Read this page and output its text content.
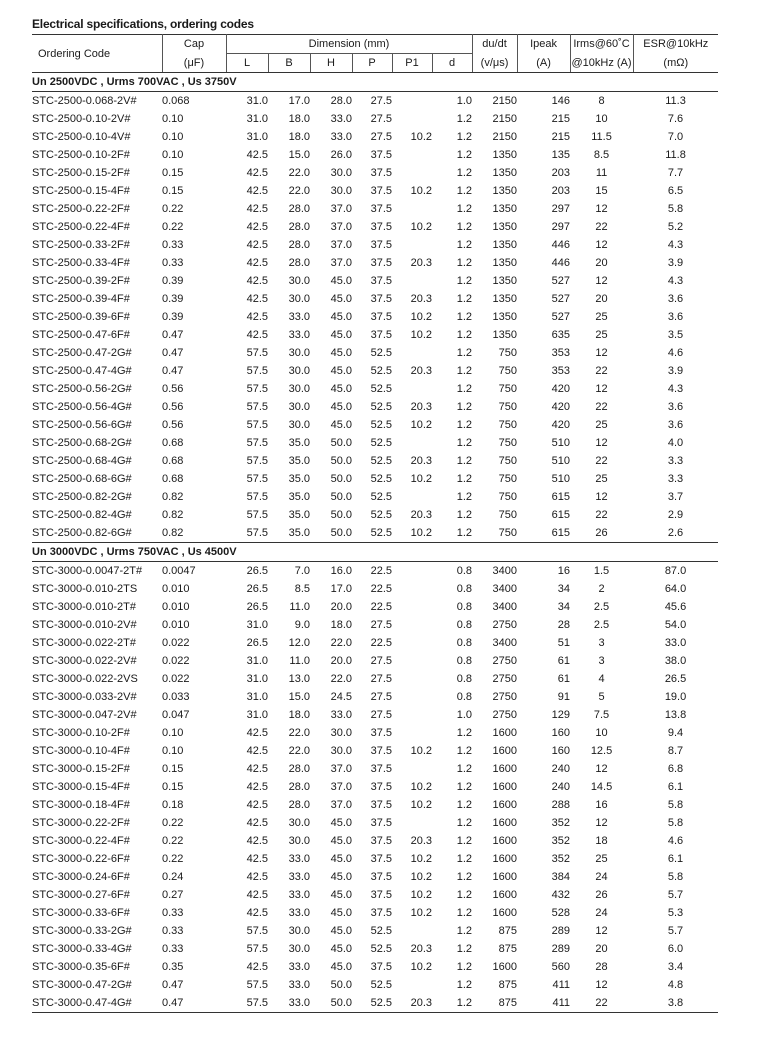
Electrical specifications, ordering codes
Ordering Code	Cap	Dimension (mm)						du/dt	Ipeak	Irms@60˚C	ESR@10kHz
	(μF)	L	B	H	P	P1	d	(v/μs)	(A)	@10kHz (A)	(mΩ)
Un 2500VDC , Urms 700VAC , Us 3750V											
STC-2500-0.068-2V#	0.068	31.0	17.0	28.0	27.5		1.0	2150	146	8	11.3
STC-2500-0.10-2V#	0.10	31.0	18.0	33.0	27.5		1.2	2150	215	10	7.6
STC-2500-0.10-4V#	0.10	31.0	18.0	33.0	27.5	10.2	1.2	2150	215	11.5	7.0
STC-2500-0.10-2F#	0.10	42.5	15.0	26.0	37.5		1.2	1350	135	8.5	11.8
STC-2500-0.15-2F#	0.15	42.5	22.0	30.0	37.5		1.2	1350	203	11	7.7
STC-2500-0.15-4F#	0.15	42.5	22.0	30.0	37.5	10.2	1.2	1350	203	15	6.5
STC-2500-0.22-2F#	0.22	42.5	28.0	37.0	37.5		1.2	1350	297	12	5.8
STC-2500-0.22-4F#	0.22	42.5	28.0	37.0	37.5	10.2	1.2	1350	297	22	5.2
STC-2500-0.33-2F#	0.33	42.5	28.0	37.0	37.5		1.2	1350	446	12	4.3
STC-2500-0.33-4F#	0.33	42.5	28.0	37.0	37.5	20.3	1.2	1350	446	20	3.9
STC-2500-0.39-2F#	0.39	42.5	30.0	45.0	37.5		1.2	1350	527	12	4.3
STC-2500-0.39-4F#	0.39	42.5	30.0	45.0	37.5	20.3	1.2	1350	527	20	3.6
STC-2500-0.39-6F#	0.39	42.5	33.0	45.0	37.5	10.2	1.2	1350	527	25	3.6
STC-2500-0.47-6F#	0.47	42.5	33.0	45.0	37.5	10.2	1.2	1350	635	25	3.5
STC-2500-0.47-2G#	0.47	57.5	30.0	45.0	52.5		1.2	750	353	12	4.6
STC-2500-0.47-4G#	0.47	57.5	30.0	45.0	52.5	20.3	1.2	750	353	22	3.9
STC-2500-0.56-2G#	0.56	57.5	30.0	45.0	52.5		1.2	750	420	12	4.3
STC-2500-0.56-4G#	0.56	57.5	30.0	45.0	52.5	20.3	1.2	750	420	22	3.6
STC-2500-0.56-6G#	0.56	57.5	30.0	45.0	52.5	10.2	1.2	750	420	25	3.6
STC-2500-0.68-2G#	0.68	57.5	35.0	50.0	52.5		1.2	750	510	12	4.0
STC-2500-0.68-4G#	0.68	57.5	35.0	50.0	52.5	20.3	1.2	750	510	22	3.3
STC-2500-0.68-6G#	0.68	57.5	35.0	50.0	52.5	10.2	1.2	750	510	25	3.3
STC-2500-0.82-2G#	0.82	57.5	35.0	50.0	52.5		1.2	750	615	12	3.7
STC-2500-0.82-4G#	0.82	57.5	35.0	50.0	52.5	20.3	1.2	750	615	22	2.9
STC-2500-0.82-6G#	0.82	57.5	35.0	50.0	52.5	10.2	1.2	750	615	26	2.6
Un 3000VDC , Urms 750VAC , Us 4500V											
STC-3000-0.0047-2T#	0.0047	26.5	7.0	16.0	22.5		0.8	3400	16	1.5	87.0
STC-3000-0.010-2TS	0.010	26.5	8.5	17.0	22.5		0.8	3400	34	2	64.0
STC-3000-0.010-2T#	0.010	26.5	11.0	20.0	22.5		0.8	3400	34	2.5	45.6
STC-3000-0.010-2V#	0.010	31.0	9.0	18.0	27.5		0.8	2750	28	2.5	54.0
STC-3000-0.022-2T#	0.022	26.5	12.0	22.0	22.5		0.8	3400	51	3	33.0
STC-3000-0.022-2V#	0.022	31.0	11.0	20.0	27.5		0.8	2750	61	3	38.0
STC-3000-0.022-2VS	0.022	31.0	13.0	22.0	27.5		0.8	2750	61	4	26.5
STC-3000-0.033-2V#	0.033	31.0	15.0	24.5	27.5		0.8	2750	91	5	19.0
STC-3000-0.047-2V#	0.047	31.0	18.0	33.0	27.5		1.0	2750	129	7.5	13.8
STC-3000-0.10-2F#	0.10	42.5	22.0	30.0	37.5		1.2	1600	160	10	9.4
STC-3000-0.10-4F#	0.10	42.5	22.0	30.0	37.5	10.2	1.2	1600	160	12.5	8.7
STC-3000-0.15-2F#	0.15	42.5	28.0	37.0	37.5		1.2	1600	240	12	6.8
STC-3000-0.15-4F#	0.15	42.5	28.0	37.0	37.5	10.2	1.2	1600	240	14.5	6.1
STC-3000-0.18-4F#	0.18	42.5	28.0	37.0	37.5	10.2	1.2	1600	288	16	5.8
STC-3000-0.22-2F#	0.22	42.5	30.0	45.0	37.5		1.2	1600	352	12	5.8
STC-3000-0.22-4F#	0.22	42.5	30.0	45.0	37.5	20.3	1.2	1600	352	18	4.6
STC-3000-0.22-6F#	0.22	42.5	33.0	45.0	37.5	10.2	1.2	1600	352	25	6.1
STC-3000-0.24-6F#	0.24	42.5	33.0	45.0	37.5	10.2	1.2	1600	384	24	5.8
STC-3000-0.27-6F#	0.27	42.5	33.0	45.0	37.5	10.2	1.2	1600	432	26	5.7
STC-3000-0.33-6F#	0.33	42.5	33.0	45.0	37.5	10.2	1.2	1600	528	24	5.3
STC-3000-0.33-2G#	0.33	57.5	30.0	45.0	52.5		1.2	875	289	12	5.7
STC-3000-0.33-4G#	0.33	57.5	30.0	45.0	52.5	20.3	1.2	875	289	20	6.0
STC-3000-0.35-6F#	0.35	42.5	33.0	45.0	37.5	10.2	1.2	1600	560	28	3.4
STC-3000-0.47-2G#	0.47	57.5	33.0	50.0	52.5		1.2	875	411	12	4.8
STC-3000-0.47-4G#	0.47	57.5	33.0	50.0	52.5	20.3	1.2	875	411	22	3.8
